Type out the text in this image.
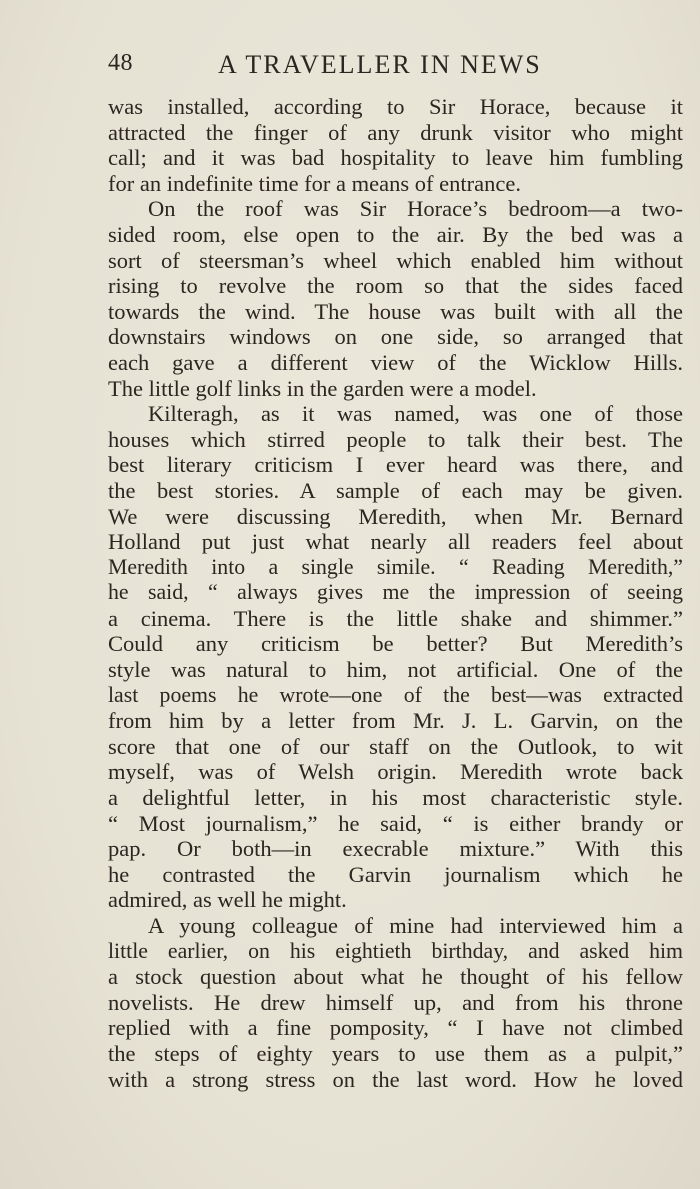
48	A TRAVELLER IN NEWS
was installed, according to Sir Horace, because it
attracted the finger of any drunk visitor who might
call; and it was bad hospitality to leave him fumbling
for an indefinite time for a means of entrance.
On the roof was Sir Horace’s bedroom—a two-
sided room, else open to the air. By the bed was a
sort of steersman’s wheel which enabled him without
rising to revolve the room so that the sides faced
towards the wind. The house was built with all the
downstairs windows on one side, so arranged that
each gave a different view of the Wicklow Hills.
The little golf links in the garden were a model.
Kilteragh, as it was named, was one of those
houses which stirred people to talk their best. The
best literary criticism I ever heard was there, and
the best stories. A sample of each may be given.
We were discussing Meredith, when Mr. Bernard
Holland put just what nearly all readers feel about
Meredith into a single simile. “ Reading Meredith,”
he said, “ always gives me the impression of seeing
a cinema. There is the little shake and shimmer.”
Could any criticism be better? But Meredith’s
style was natural to him, not artificial. One of the
last poems he wrote—one of the best—was extracted
from him by a letter from Mr. J. L. Garvin, on the
score that one of our staff on the Outlook, to wit
myself, was of Welsh origin. Meredith wrote back
a delightful letter, in his most characteristic style.
“ Most journalism,” he said, “ is either brandy or
pap. Or both—in execrable mixture.” With this
he contrasted the Garvin journalism which he
admired, as well he might.
A young colleague of mine had interviewed him a
little earlier, on his eightieth birthday, and asked him
a stock question about what he thought of his fellow
novelists. He drew himself up, and from his throne
replied with a fine pomposity, “ I have not climbed
the steps of eighty years to use them as a pulpit,”
with a strong stress on the last word. How he loved
